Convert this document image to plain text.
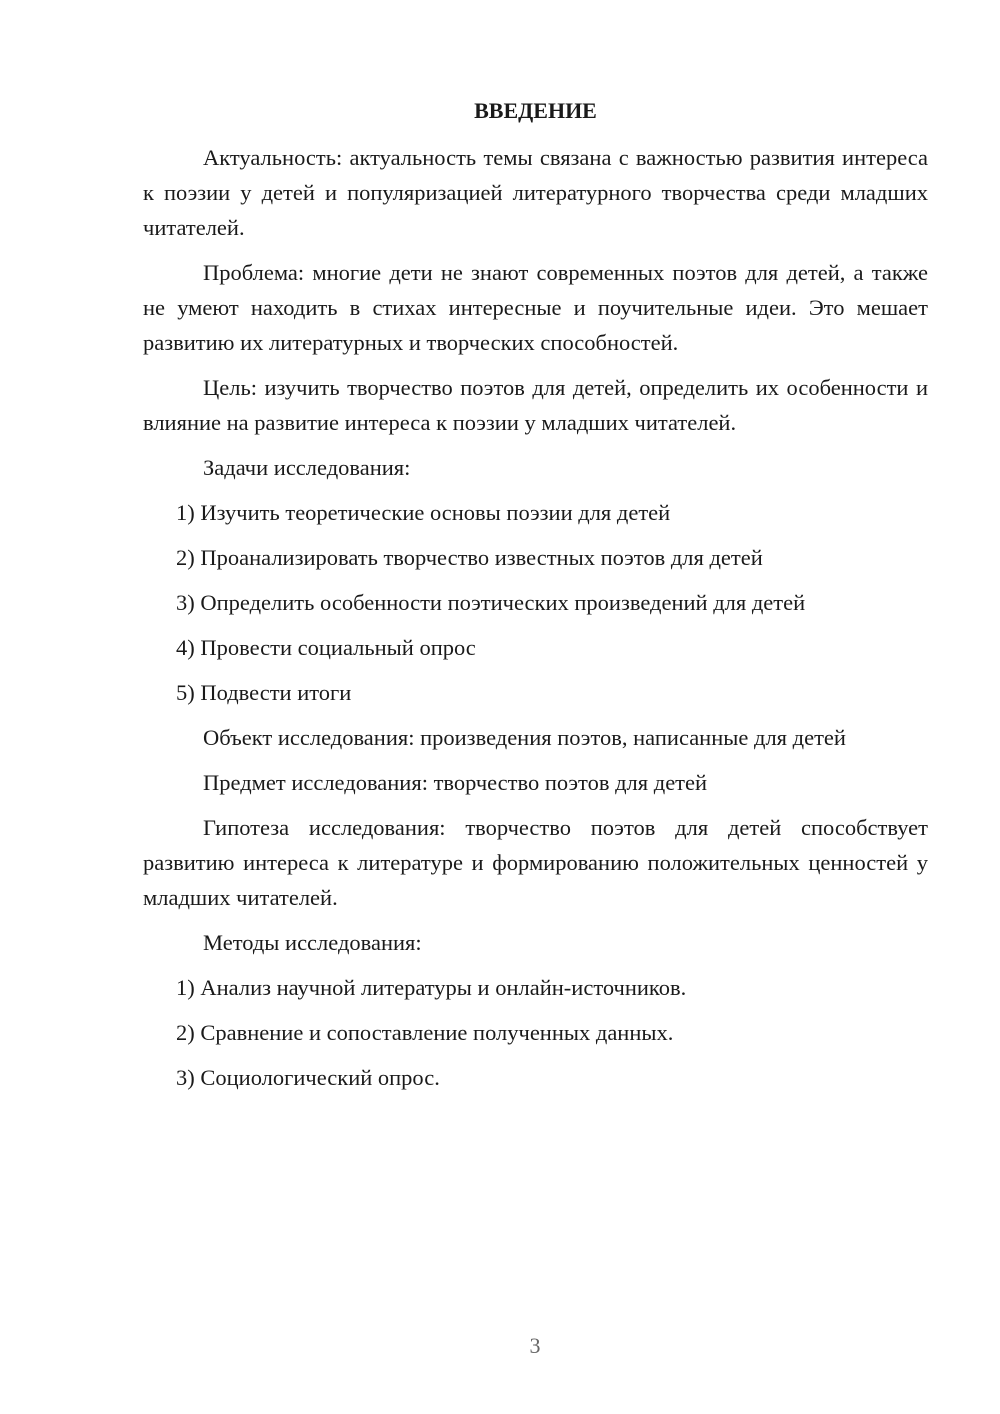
ВВЕДЕНИЕ

Актуальность: актуальность темы связана с важностью развития интереса к поэзии у детей и популяризацией литературного творчества среди младших читателей.

Проблема: многие дети не знают современных поэтов для детей, а также не умеют находить в стихах интересные и поучительные идеи. Это мешает развитию их литературных и творческих способностей.

Цель: изучить творчество поэтов для детей, определить их особенности и влияние на развитие интереса к поэзии у младших читателей.

Задачи исследования:

1) Изучить теоретические основы поэзии для детей
2) Проанализировать творчество известных поэтов для детей
3) Определить особенности поэтических произведений для детей
4) Провести социальный опрос
5) Подвести итоги

Объект исследования: произведения поэтов, написанные для детей

Предмет исследования: творчество поэтов для детей

Гипотеза исследования: творчество поэтов для детей способствует развитию интереса к литературе и формированию положительных ценностей у младших читателей.

Методы исследования:

1) Анализ научной литературы и онлайн-источников.
2) Сравнение и сопоставление полученных данных.
3) Социологический опрос.
3
